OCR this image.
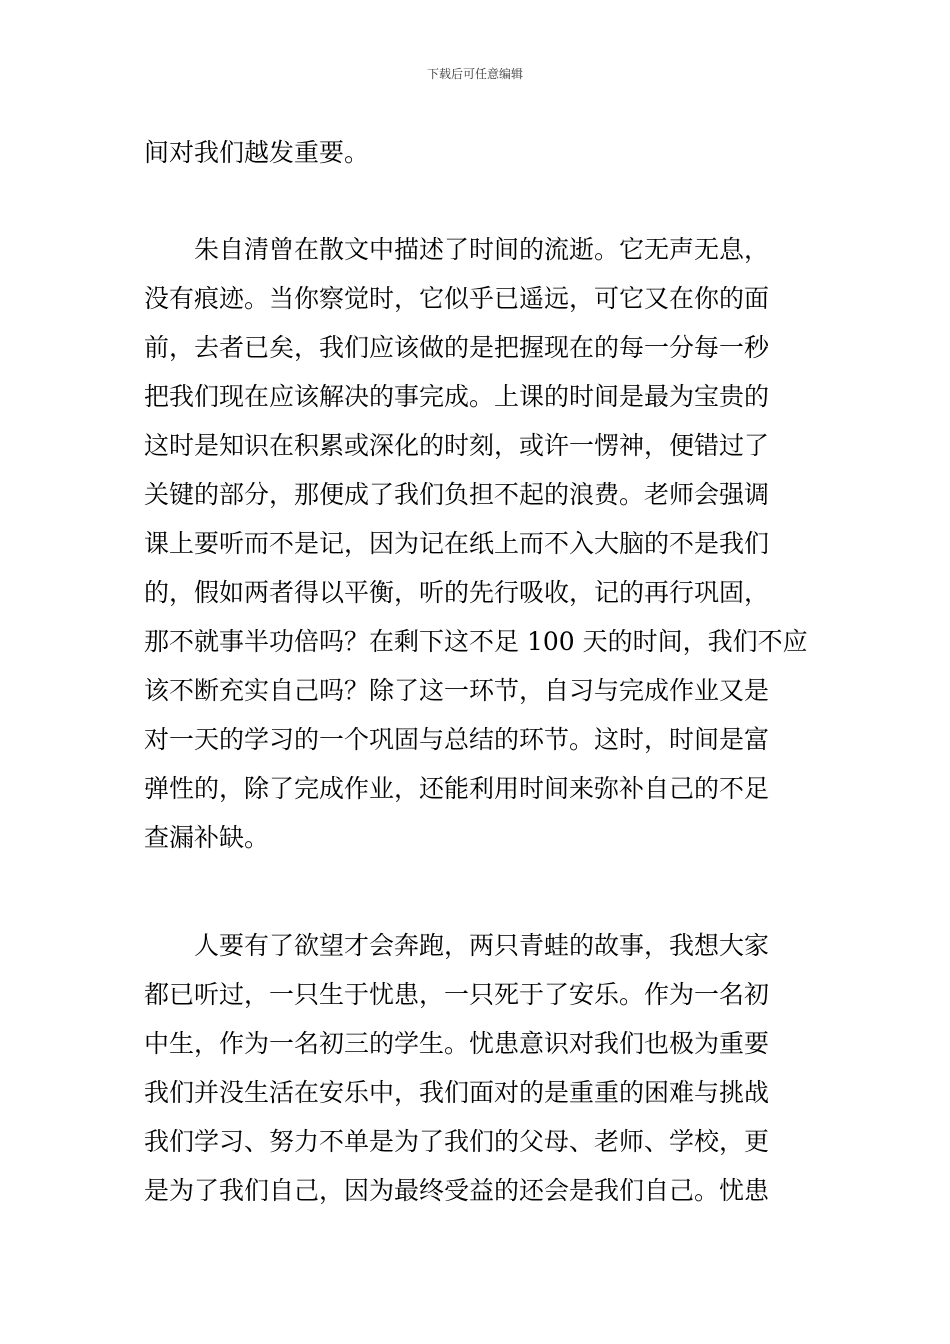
下载后可任意编辑
间对我们越发重要。
朱自清曾在散文中描述了时间的流逝。它无声无息，
没有痕迹。当你察觉时，它似乎已遥远，可它又在你的面
前，去者已矣，我们应该做的是把握现在的每一分每一秒
把我们现在应该解决的事完成。上课的时间是最为宝贵的
这时是知识在积累或深化的时刻，或许一愣神，便错过了
关键的部分，那便成了我们负担不起的浪费。老师会强调
课上要听而不是记，因为记在纸上而不入大脑的不是我们
的，假如两者得以平衡，听的先行吸收，记的再行巩固，
那不就事半功倍吗？在剩下这不足 100 天的时间，我们不应
该不断充实自己吗？除了这一环节，自习与完成作业又是
对一天的学习的一个巩固与总结的环节。这时，时间是富
弹性的，除了完成作业，还能利用时间来弥补自己的不足
查漏补缺。
人要有了欲望才会奔跑，两只青蛙的故事，我想大家
都已听过，一只生于忧患，一只死于了安乐。作为一名初
中生，作为一名初三的学生。忧患意识对我们也极为重要
我们并没生活在安乐中，我们面对的是重重的困难与挑战
我们学习、努力不单是为了我们的父母、老师、学校，更
是为了我们自己，因为最终受益的还会是我们自己。忧患
